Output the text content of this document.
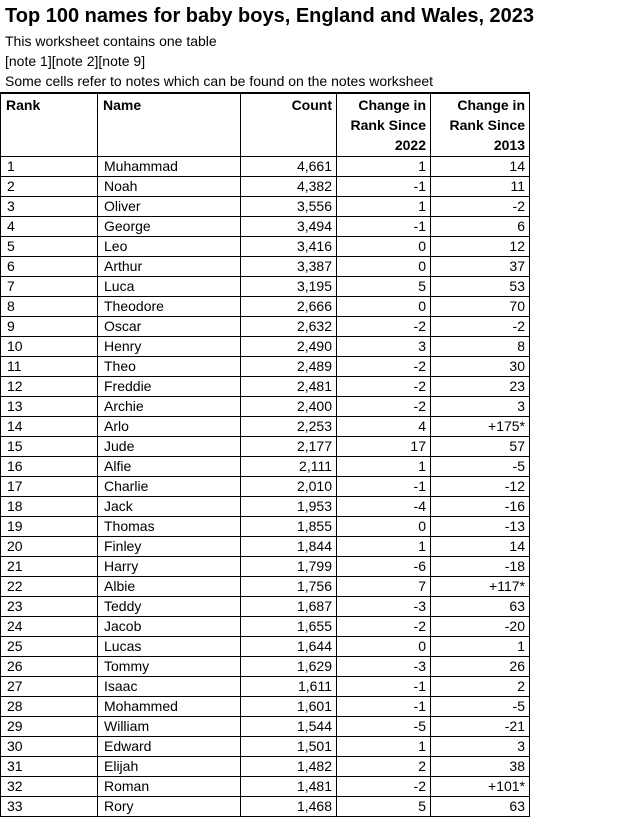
Top 100 names for baby boys, England and Wales, 2023
This worksheet contains one table
[note 1][note 2][note 9]
Some cells refer to notes which can be found on the notes worksheet
Rank	Name	Count	Change in Rank Since 2022	Change in Rank Since 2013
1	Muhammad	4,661	1	14
2	Noah	4,382	-1	11
3	Oliver	3,556	1	-2
4	George	3,494	-1	6
5	Leo	3,416	0	12
6	Arthur	3,387	0	37
7	Luca	3,195	5	53
8	Theodore	2,666	0	70
9	Oscar	2,632	-2	-2
10	Henry	2,490	3	8
11	Theo	2,489	-2	30
12	Freddie	2,481	-2	23
13	Archie	2,400	-2	3
14	Arlo	2,253	4	+175*
15	Jude	2,177	17	57
16	Alfie	2,111	1	-5
17	Charlie	2,010	-1	-12
18	Jack	1,953	-4	-16
19	Thomas	1,855	0	-13
20	Finley	1,844	1	14
21	Harry	1,799	-6	-18
22	Albie	1,756	7	+117*
23	Teddy	1,687	-3	63
24	Jacob	1,655	-2	-20
25	Lucas	1,644	0	1
26	Tommy	1,629	-3	26
27	Isaac	1,611	-1	2
28	Mohammed	1,601	-1	-5
29	William	1,544	-5	-21
30	Edward	1,501	1	3
31	Elijah	1,482	2	38
32	Roman	1,481	-2	+101*
33	Rory	1,468	5	63
